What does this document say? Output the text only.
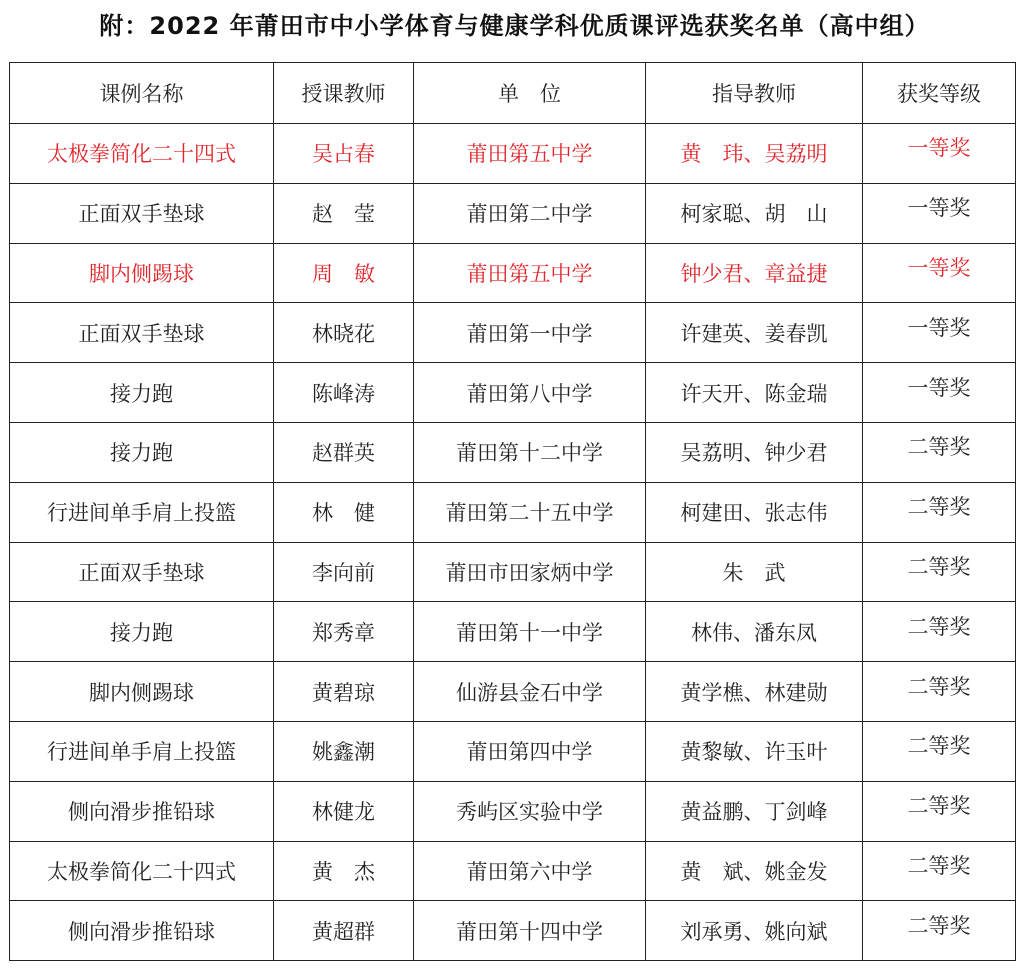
附：2022 年莆田市中小学体育与健康学科优质课评选获奖名单（高中组）
课例名称	授课教师	单　位	指导教师	获奖等级
太极拳简化二十四式	吴占春	莆田第五中学	黄　玮、吴荔明	一等奖
正面双手垫球	赵　莹	莆田第二中学	柯家聪、胡　山	一等奖
脚内侧踢球	周　敏	莆田第五中学	钟少君、章益捷	一等奖
正面双手垫球	林晓花	莆田第一中学	许建英、姜春凯	一等奖
接力跑	陈峰涛	莆田第八中学	许天开、陈金瑞	一等奖
接力跑	赵群英	莆田第十二中学	吴荔明、钟少君	二等奖
行进间单手肩上投篮	林　健	莆田第二十五中学	柯建田、张志伟	二等奖
正面双手垫球	李向前	莆田市田家炳中学	朱　武	二等奖
接力跑	郑秀章	莆田第十一中学	林伟、潘东凤	二等奖
脚内侧踢球	黄碧琼	仙游县金石中学	黄学樵、林建勋	二等奖
行进间单手肩上投篮	姚鑫潮	莆田第四中学	黄黎敏、许玉叶	二等奖
侧向滑步推铅球	林健龙	秀屿区实验中学	黄益鹏、丁剑峰	二等奖
太极拳简化二十四式	黄　杰	莆田第六中学	黄　斌、姚金发	二等奖
侧向滑步推铅球	黄超群	莆田第十四中学	刘承勇、姚向斌	二等奖
